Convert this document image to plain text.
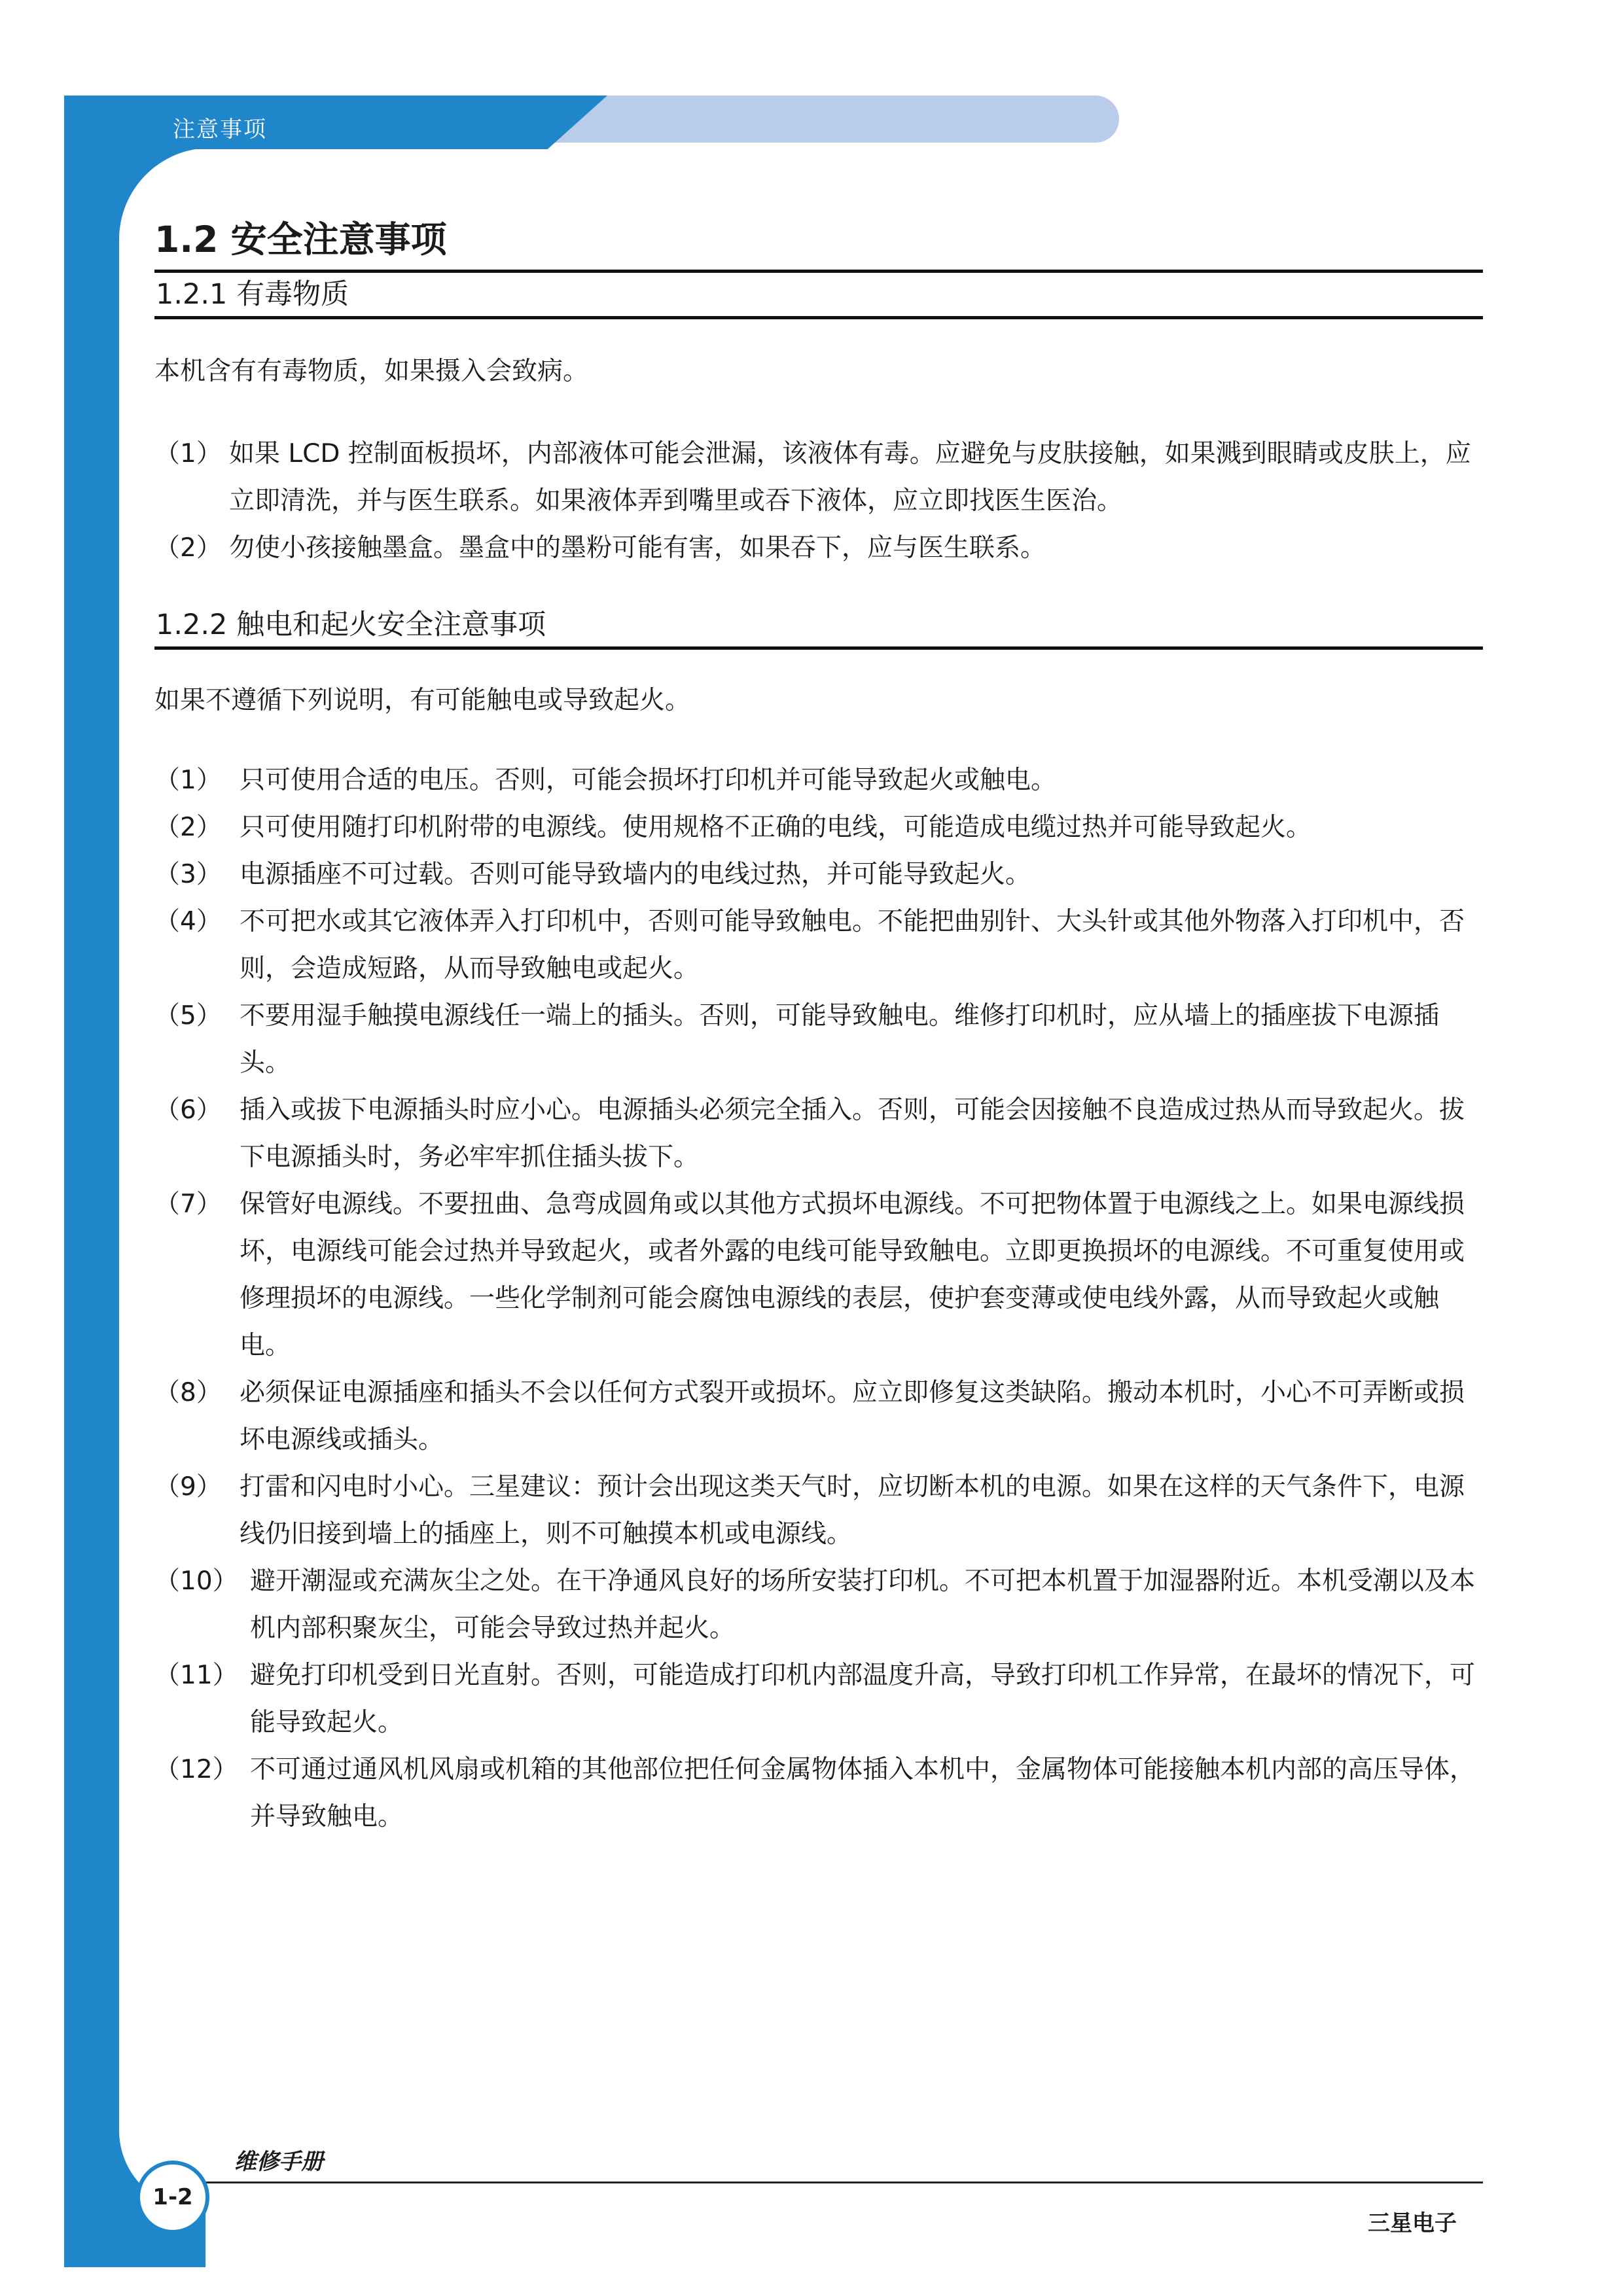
注意事项
1.2 安全注意事项
1.2.1 有毒物质
本机含有有毒物质，如果摄入会致病。
（1） 如果 LCD 控制面板损坏，内部液体可能会泄漏，该液体有毒。应避免与皮肤接触，如果溅到眼睛或皮肤上，应立即清洗，并与医生联系。如果液体弄到嘴里或吞下液体，应立即找医生医治。
（2） 勿使小孩接触墨盒。墨盒中的墨粉可能有害，如果吞下，应与医生联系。
1.2.2 触电和起火安全注意事项
如果不遵循下列说明，有可能触电或导致起火。
（1） 只可使用合适的电压。否则，可能会损坏打印机并可能导致起火或触电。
（2） 只可使用随打印机附带的电源线。使用规格不正确的电线，可能造成电缆过热并可能导致起火。
（3） 电源插座不可过载。否则可能导致墙内的电线过热，并可能导致起火。
（4） 不可把水或其它液体弄入打印机中，否则可能导致触电。不能把曲别针、大头针或其他外物落入打印机中，否则，会造成短路，从而导致触电或起火。
（5） 不要用湿手触摸电源线任一端上的插头。否则，可能导致触电。维修打印机时，应从墙上的插座拔下电源插头。
（6） 插入或拔下电源插头时应小心。电源插头必须完全插入。否则，可能会因接触不良造成过热从而导致起火。拔下电源插头时，务必牢牢抓住插头拔下。
（7） 保管好电源线。不要扭曲、急弯成圆角或以其他方式损坏电源线。不可把物体置于电源线之上。如果电源线损坏，电源线可能会过热并导致起火，或者外露的电线可能导致触电。立即更换损坏的电源线。不可重复使用或修理损坏的电源线。一些化学制剂可能会腐蚀电源线的表层，使护套变薄或使电线外露，从而导致起火或触电。
（8） 必须保证电源插座和插头不会以任何方式裂开或损坏。应立即修复这类缺陷。搬动本机时，小心不可弄断或损坏电源线或插头。
（9） 打雷和闪电时小心。三星建议：预计会出现这类天气时，应切断本机的电源。如果在这样的天气条件下，电源线仍旧接到墙上的插座上，则不可触摸本机或电源线。
（10） 避开潮湿或充满灰尘之处。在干净通风良好的场所安装打印机。不可把本机置于加湿器附近。本机受潮以及本机内部积聚灰尘，可能会导致过热并起火。
（11） 避免打印机受到日光直射。否则，可能造成打印机内部温度升高，导致打印机工作异常，在最坏的情况下，可能导致起火。
（12） 不可通过通风机风扇或机箱的其他部位把任何金属物体插入本机中，金属物体可能接触本机内部的高压导体，并导致触电。
维修手册
1-2
三星电子
